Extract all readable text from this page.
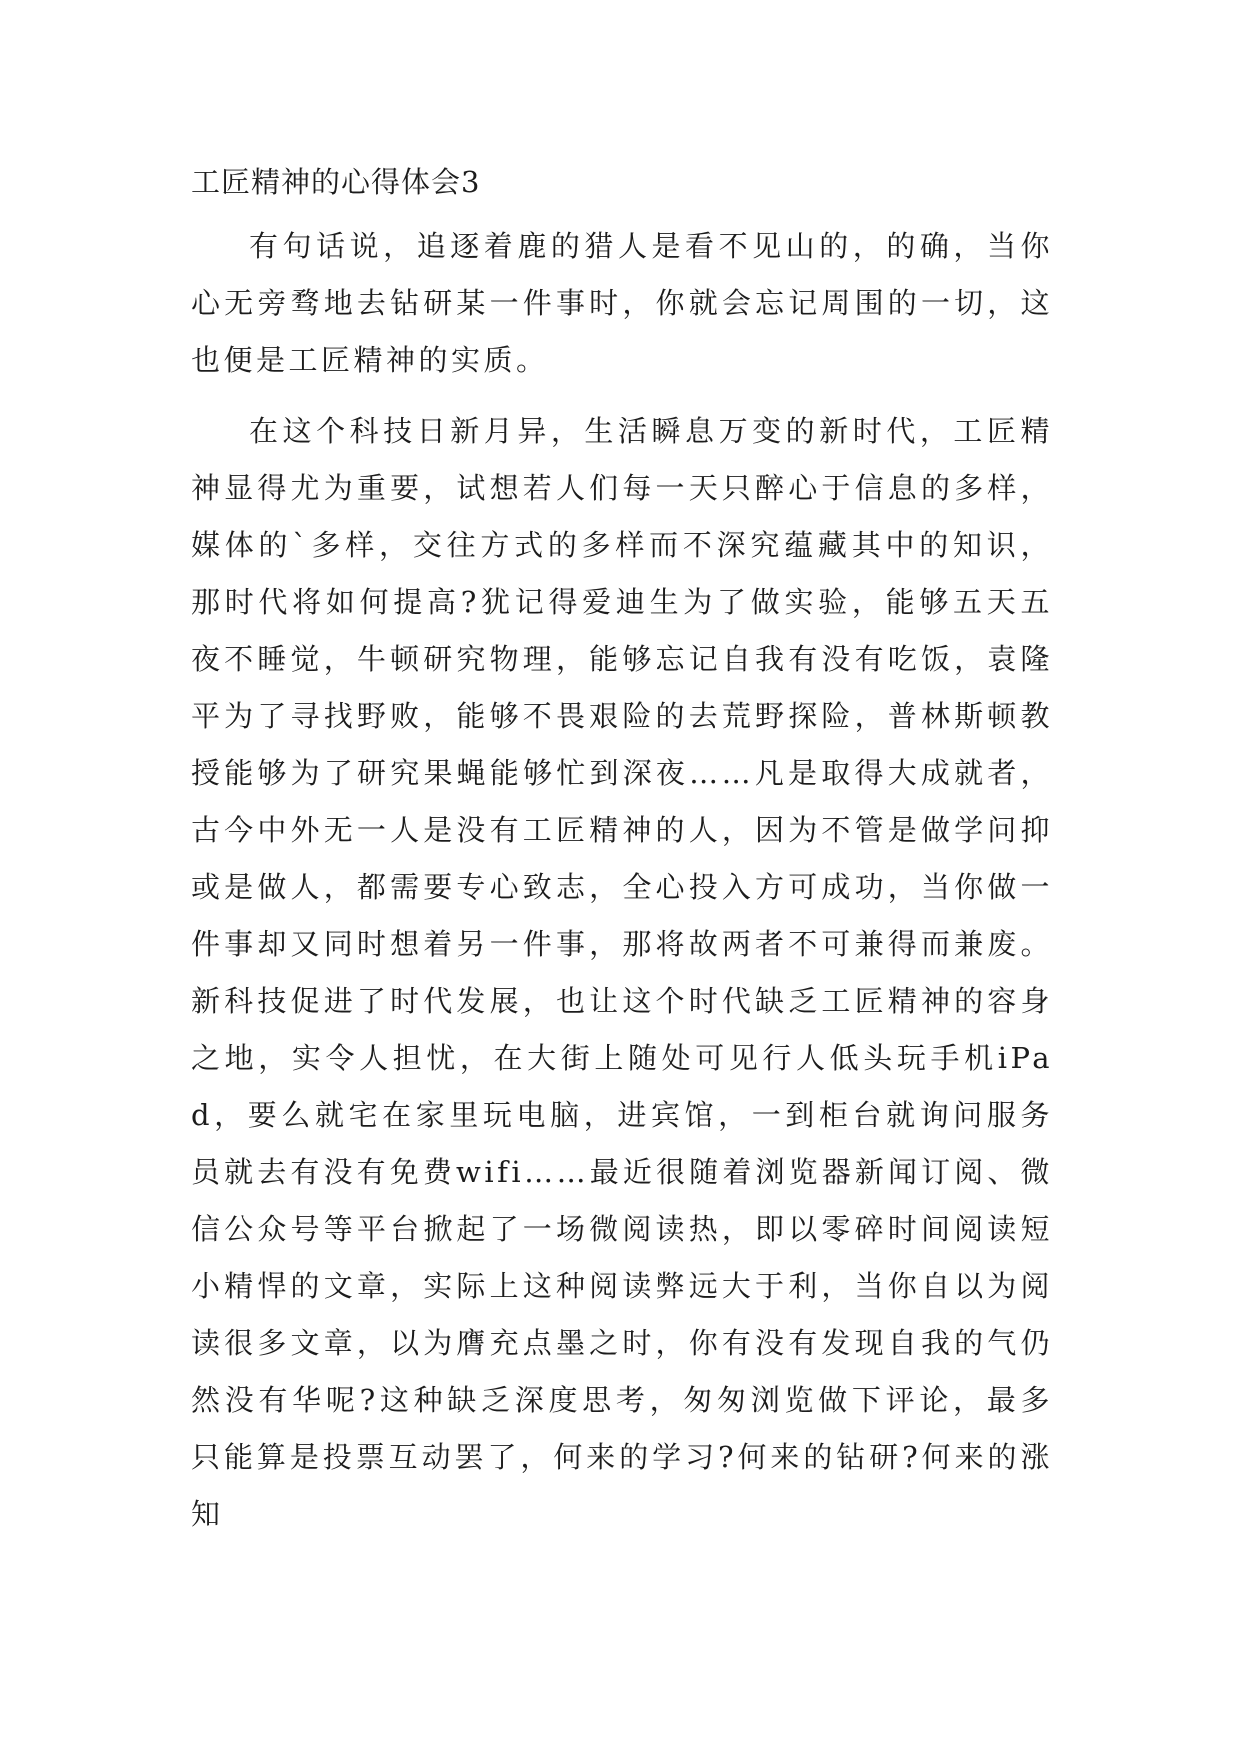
工匠精神的心得体会3

有句话说，追逐着鹿的猎人是看不见山的，的确，当你心无旁骛地去钻研某一件事时，你就会忘记周围的一切，这也便是工匠精神的实质。

在这个科技日新月异，生活瞬息万变的新时代，工匠精神显得尤为重要，试想若人们每一天只醉心于信息的多样，媒体的`多样，交往方式的多样而不深究蕴藏其中的知识，那时代将如何提高?犹记得爱迪生为了做实验，能够五天五夜不睡觉，牛顿研究物理，能够忘记自我有没有吃饭，袁隆平为了寻找野败，能够不畏艰险的去荒野探险，普林斯顿教授能够为了研究果蝇能够忙到深夜……凡是取得大成就者，古今中外无一人是没有工匠精神的人，因为不管是做学问抑或是做人，都需要专心致志，全心投入方可成功，当你做一件事却又同时想着另一件事，那将故两者不可兼得而兼废。新科技促进了时代发展，也让这个时代缺乏工匠精神的容身之地，实令人担忧，在大街上随处可见行人低头玩手机iPad，要么就宅在家里玩电脑，进宾馆，一到柜台就询问服务员就去有没有免费wifi……最近很随着浏览器新闻订阅、微信公众号等平台掀起了一场微阅读热，即以零碎时间阅读短小精悍的文章，实际上这种阅读弊远大于利，当你自以为阅读很多文章，以为膺充点墨之时，你有没有发现自我的气仍然没有华呢?这种缺乏深度思考，匆匆浏览做下评论，最多只能算是投票互动罢了，何来的学习?何来的钻研?何来的涨知
